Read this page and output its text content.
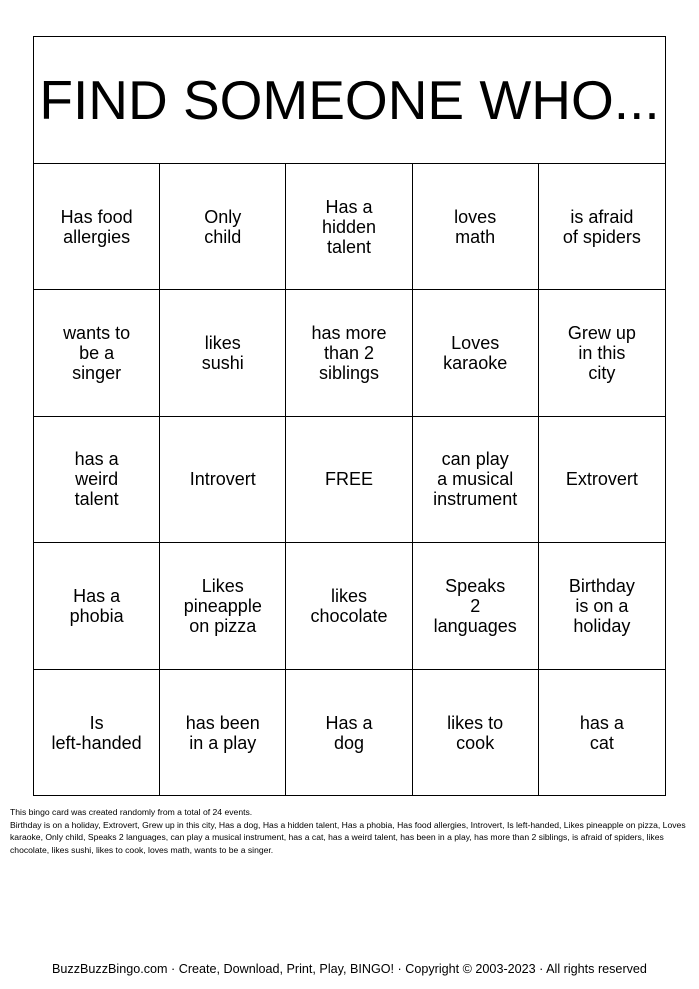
FIND SOMEONE WHO...
Has food
allergies
Only
child
Has a
hidden
talent
loves
math
is afraid
of spiders
wants to
be a
singer
likes
sushi
has more
than 2
siblings
Loves
karaoke
Grew up
in this
city
has a
weird
talent
Introvert	FREE
can play
a musical
instrument
Extrovert
Has a
phobia
Likes
pineapple
on pizza
likes
chocolate
Speaks
2
languages
Birthday
is on a
holiday
Is
left-handed
has been
in a play
Has a
dog
likes to
cook
has a
cat
This bingo card was created randomly from a total of 24 events.
Birthday is on a holiday, Extrovert, Grew up in this city, Has a dog, Has a hidden talent, Has a phobia, Has food allergies, Introvert, Is left-handed, Likes pineapple on pizza, Loves karaoke, Only child, Speaks 2 languages, can play a musical instrument, has a cat, has a weird talent, has been in a play, has more than 2 siblings, is afraid of spiders, likes chocolate, likes sushi, likes to cook, loves math, wants to be a singer.
BuzzBuzzBingo.com · Create, Download, Print, Play, BINGO! · Copyright © 2003-2023 · All rights reserved
